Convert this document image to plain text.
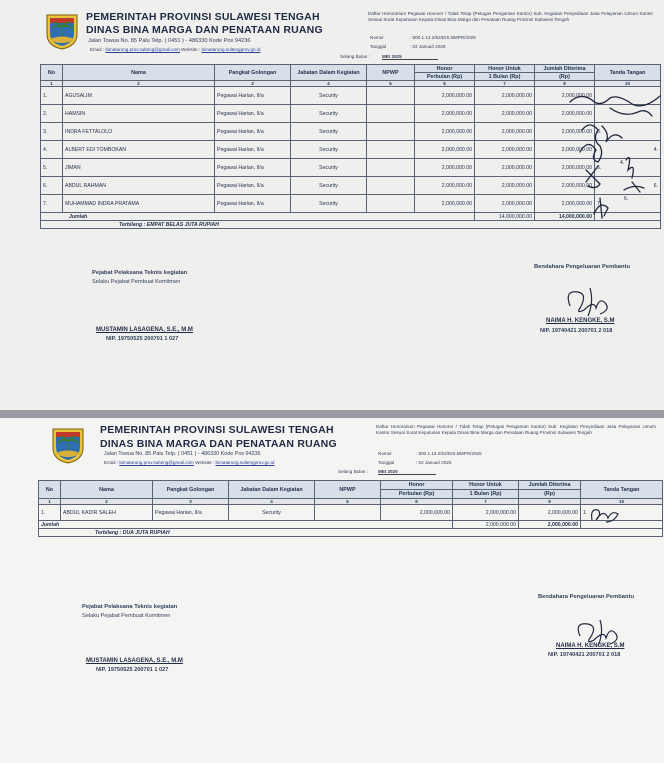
PEMERINTAH PROVINSI SULAWESI TENGAH
DINAS BINA MARGA DAN PENATAAN RUANG
Jalan Towua No. 85 Palu Telp. ( 0451 ) - 486330 Kode Pos 94236
Email : bimatarung.prov.sulteng@gmail.com Website : bimatarung.sultengprov.go.id
Daftar Honorarium Pegawai Honorer / Tidak Tetap (Petugas Pengaman Kantor) Sub. Kegiatan Penyediaan Jasa Pelayanan Umum Kantor Sesuai Surat Keputusan Kepala Dinas Bina Marga dan Penataan Ruang Provinsi Sulawesi Tengah
Nomor	: 800.1.13.2/52/DIS.BMPR/2025
Tanggal	: 02 Januari 2025
Selang Bulan :	MEI 2025
No	Nama	Pangkat Golongan	Jabatan Dalam Kegiatan	NPWP	Honor	Honor Untuk	Jumlah Diterima	Tanda Tangan
					Perbulan (Rp)	1 Bulan (Rp)	(Rp)	
1	2	3	4	5	6	7	9	10
1.	AGUSALIM	Pegawai Harian, II/a	Security		2,000,000.00	2,000,000.00	2,000,000.00	
2.	HAMSIN	Pegawai Harian, II/a	Security		2,000,000.00	2,000,000.00	2,000,000.00	
3.	INDRA FETTALOLO	Pegawai Harian, II/a	Security		2,000,000.00	2,000,000.00	2,000,000.00	3.
4.	ALBERT EDI TOMBOKAN	Pegawai Harian, II/a	Security		2,000,000.00	2,000,000.00	2,000,000.00	4.
5.	JIMAN	Pegawai Harian, II/a	Security		2,000,000.00	2,000,000.00	2,000,000.00	5.
6.	ABDUL RAHMAN	Pegawai Harian, II/a	Security		2,000,000.00	2,000,000.00	2,000,000.00	6.
7.	MUHAMMAD INDRA PRATAMA	Pegawai Harian, II/a	Security		2,000,000.00	2,000,000.00	2,000,000.00	7.
Jumlah						14,000,000.00	14,000,000.00	
Terbilang : EMPAT BELAS JUTA RUPIAH								
4.
6.
Pejabat Pelaksana Teknis kegiatan
Selaku Pejabat Pembuat Komitmen
MUSTAMIN LASAGENA, S.E., M.M
NIP. 19750525 200701 1 027
Bendahara Pengeluaran Pembantu
NAIMA H. KENGKE, S.M
NIP. 19740421 200701 2 018
PEMERINTAH PROVINSI SULAWESI TENGAH
DINAS BINA MARGA DAN PENATAAN RUANG
Jalan Towua No. 85 Palu Telp. ( 0451 ) - 486330 Kode Pos 94236
Email : bimatarung.prov.sulteng@gmail.com Website : bimatarung.sultengprov.go.id
Daftar Honorarium Pegawai Honorer / Tidak Tetap (Petugas Pengaman Kantor) Sub. Kegiatan Penyediaan Jasa Pelayanan Umum Kantor Sesuai Surat Keputusan Kepala Dinas Bina Marga dan Penataan Ruang Provinsi Sulawesi Tengah
Nomor	: 800.1.13.2/52/DIS.BMPR/2025
Tanggal	: 02 Januari 2025
Selang Bulan : MEI 2025
No	Nama	Pangkat Golongan	Jabatan Dalam Kegiatan	NPWP	Honor	Honor Untuk	Jumlah Diterima	Tanda Tangan
					Perbulan (Rp)	1 Bulan (Rp)	(Rp)	
1	2	3	4	5	6	7	9	10
1.	ABDUL KADIR SALEH	Pegawai Harian, II/a	Security		2,000,000.00	2,000,000.00	2,000,000.00	1.
Jumlah						2,000,000.00	2,000,000.00	
Terbilang : DUA JUTA RUPIAH								
Pejabat Pelaksana Teknis kegiatan
Selaku Pejabat Pembuat Komitmen
MUSTAMIN LASAGENA, S.E., M.M
NIP. 19750525 200701 1 027
Bendahara Pengeluaran Pembantu
NAIMA H. KENGKE, S.M
NIP. 19740421 200701 2 018
